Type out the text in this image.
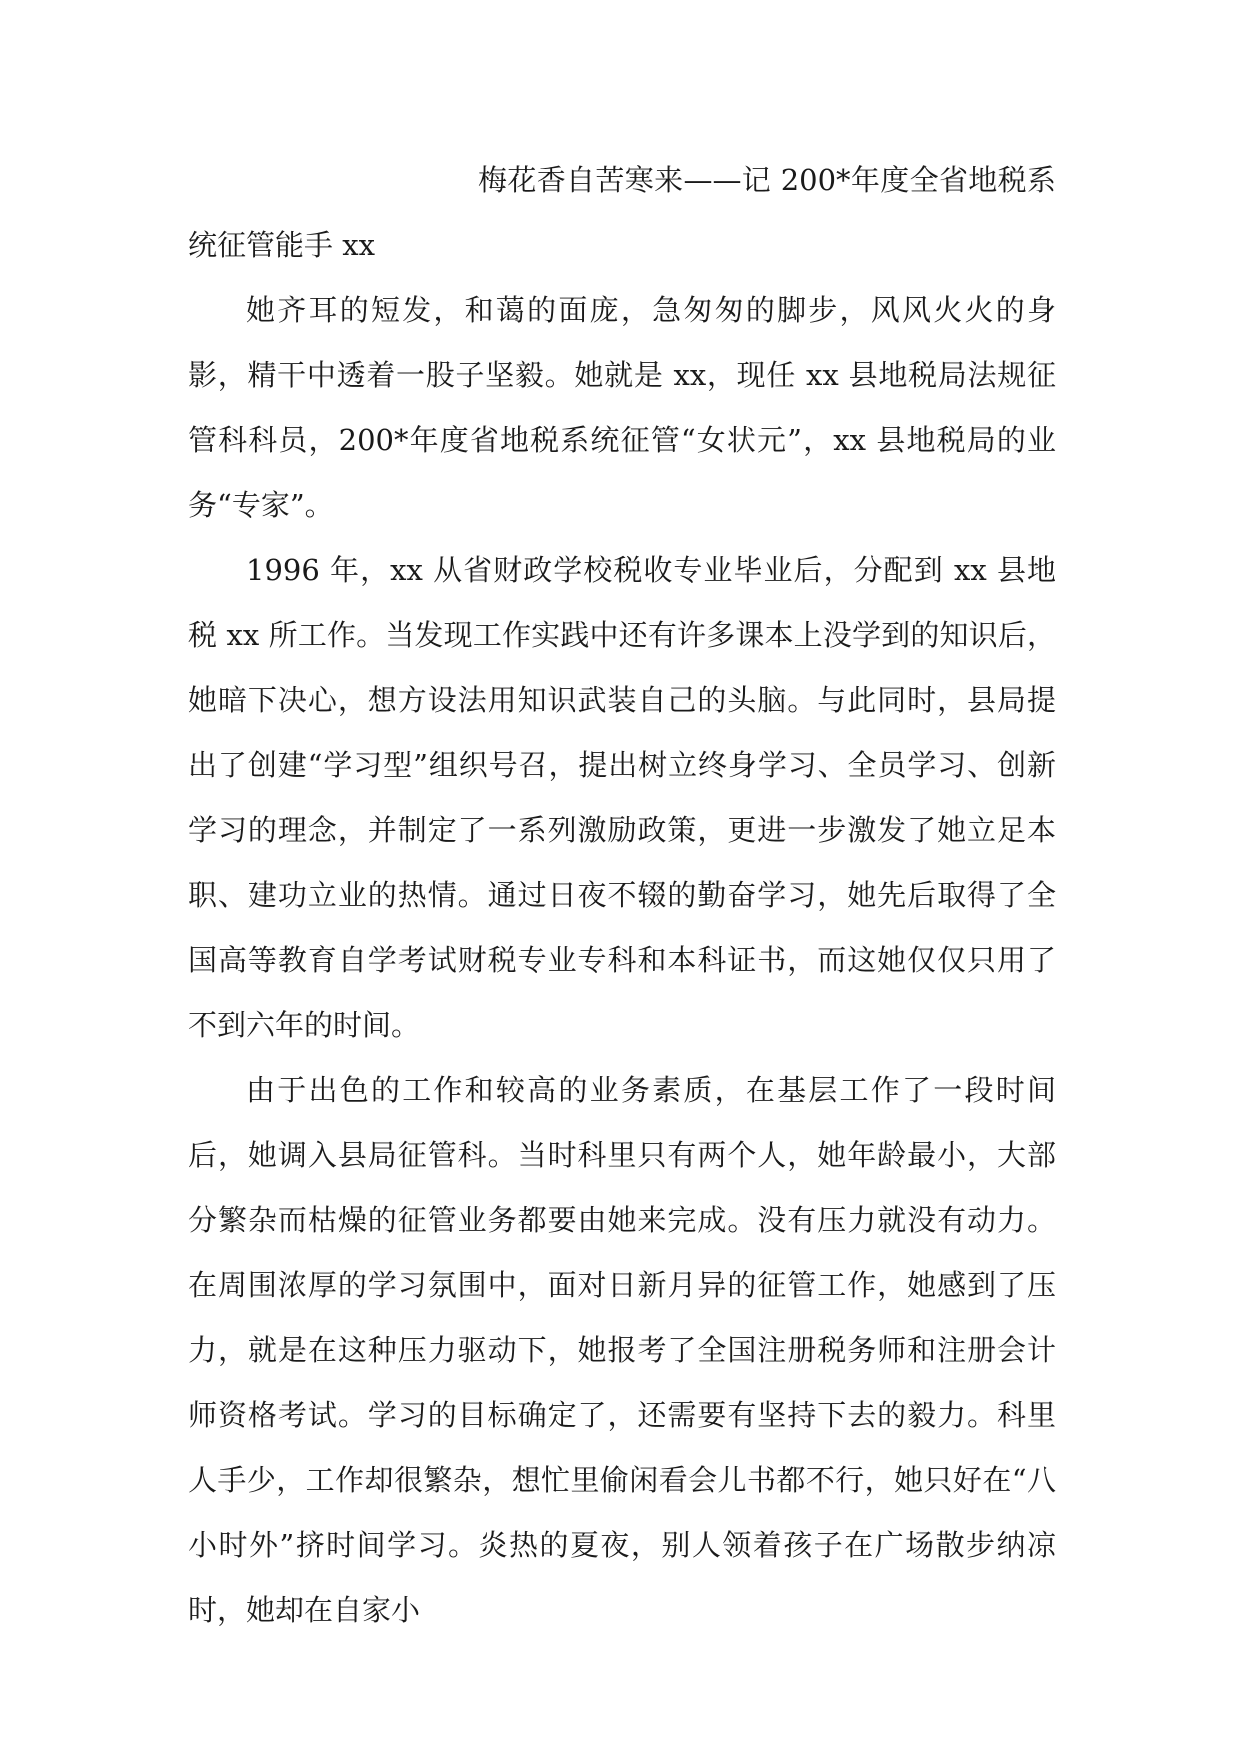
梅花香自苦寒来——记 200*年度全省地税系统征管能手 xx

她齐耳的短发，和蔼的面庞，急匆匆的脚步，风风火火的身影，精干中透着一股子坚毅。她就是 xx，现任 xx 县地税局法规征管科科员，200*年度省地税系统征管“女状元”，xx 县地税局的业务“专家”。

1996 年，xx 从省财政学校税收专业毕业后，分配到 xx 县地税 xx 所工作。当发现工作实践中还有许多课本上没学到的知识后，她暗下决心，想方设法用知识武装自己的头脑。与此同时，县局提出了创建“学习型”组织号召，提出树立终身学习、全员学习、创新学习的理念，并制定了一系列激励政策，更进一步激发了她立足本职、建功立业的热情。通过日夜不辍的勤奋学习，她先后取得了全国高等教育自学考试财税专业专科和本科证书，而这她仅仅只用了不到六年的时间。

由于出色的工作和较高的业务素质，在基层工作了一段时间后，她调入县局征管科。当时科里只有两个人，她年龄最小，大部分繁杂而枯燥的征管业务都要由她来完成。没有压力就没有动力。在周围浓厚的学习氛围中，面对日新月异的征管工作，她感到了压力，就是在这种压力驱动下，她报考了全国注册税务师和注册会计师资格考试。学习的目标确定了，还需要有坚持下去的毅力。科里人手少，工作却很繁杂，想忙里偷闲看会儿书都不行，她只好在“八小时外”挤时间学习。炎热的夏夜，别人领着孩子在广场散步纳凉时，她却在自家小
